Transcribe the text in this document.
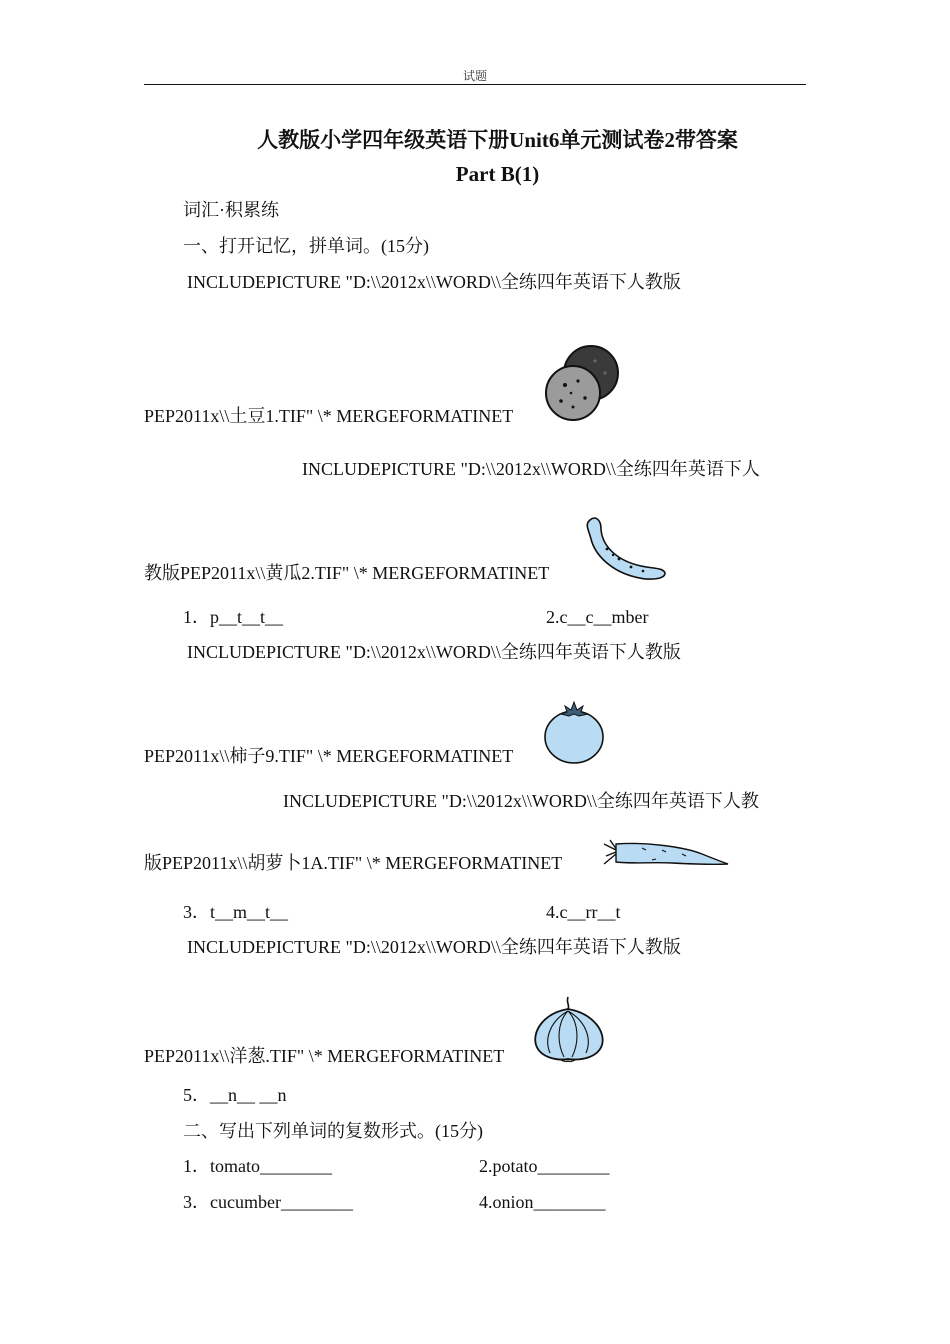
试题
人教版小学四年级英语下册Unit6单元测试卷2带答案
Part B(1)
词汇·积累练
一、打开记忆，拼单词。(15分)
INCLUDEPICTURE "D:\\2012x\\WORD\\全练四年英语下人教版
PEP2011x\\土豆1.TIF" \* MERGEFORMATINET
INCLUDEPICTURE "D:\\2012x\\WORD\\全练四年英语下人
教版PEP2011x\\黄瓜2.TIF" \* MERGEFORMATINET
1．p__t__t__	2.c__c__mber
INCLUDEPICTURE "D:\\2012x\\WORD\\全练四年英语下人教版
PEP2011x\\柿子9.TIF" \* MERGEFORMATINET
INCLUDEPICTURE "D:\\2012x\\WORD\\全练四年英语下人教
版PEP2011x\\胡萝卜1A.TIF" \* MERGEFORMATINET
3．t__m__t__	4.c__rr__t
INCLUDEPICTURE "D:\\2012x\\WORD\\全练四年英语下人教版
PEP2011x\\洋葱.TIF" \* MERGEFORMATINET
5．__n__ __n
二、写出下列单词的复数形式。(15分)
1．tomato________	2.potato________
3．cucumber________	4.onion________
